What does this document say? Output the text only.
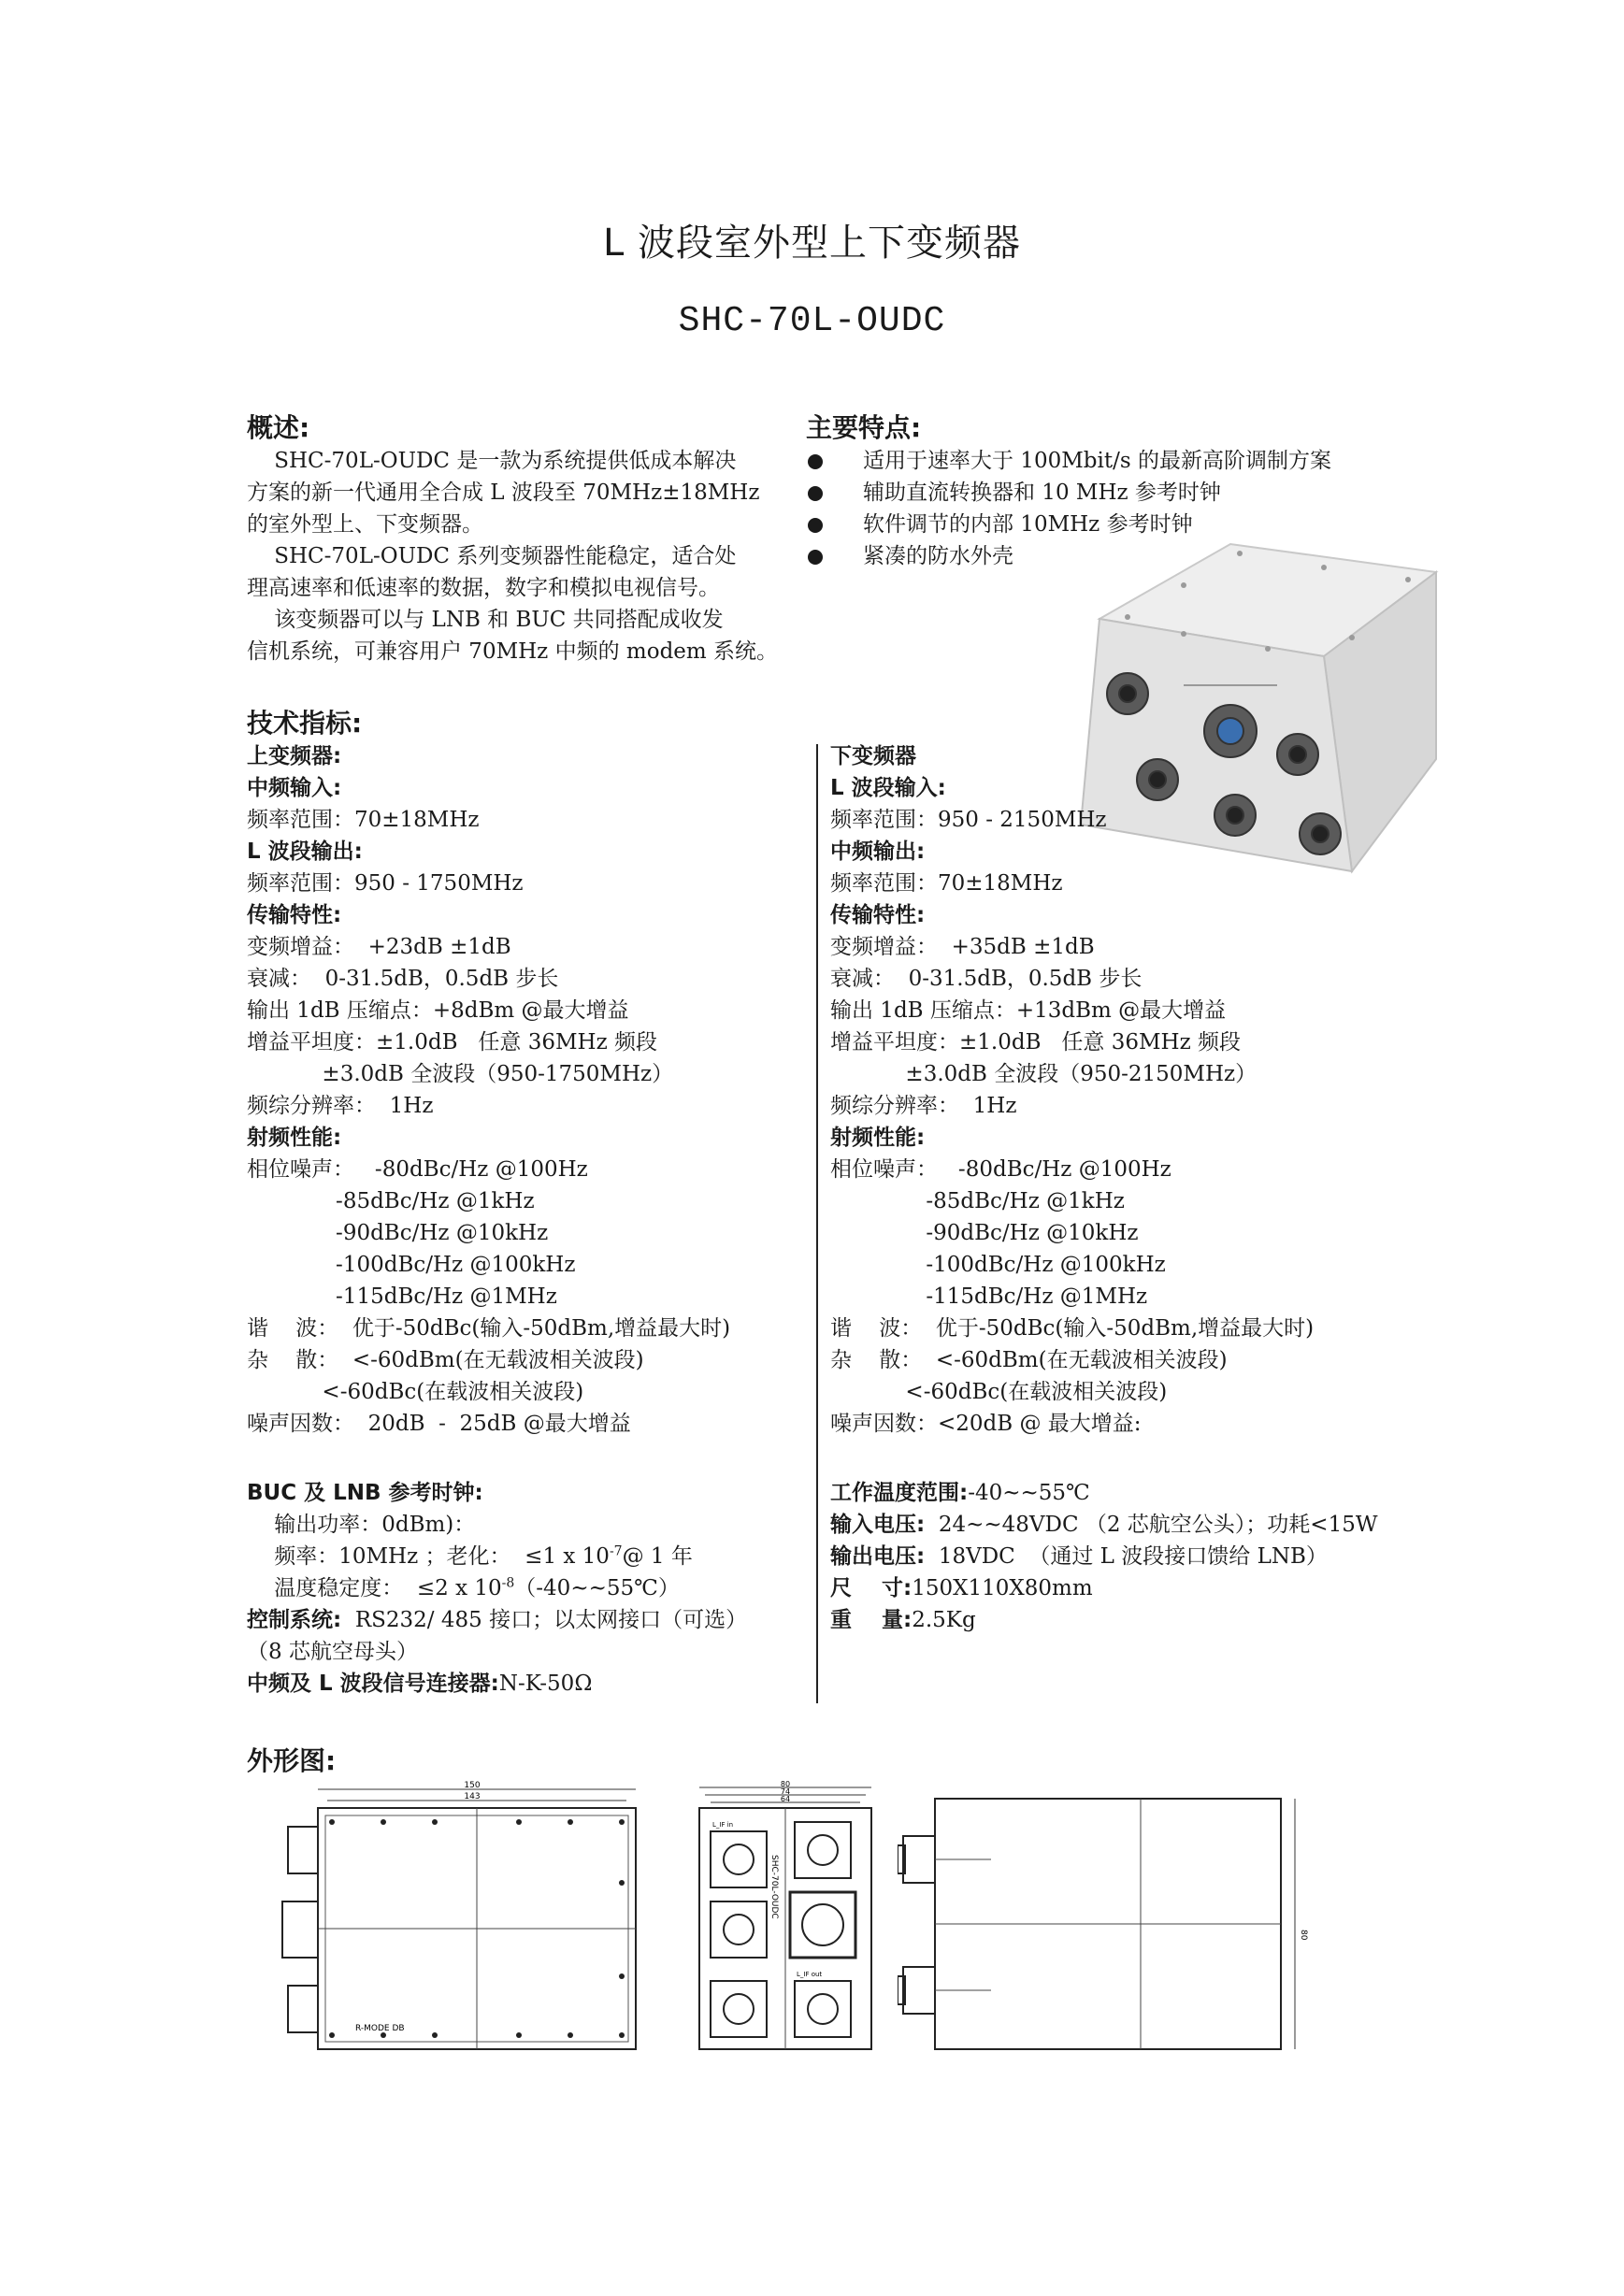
L 波段室外型上下变频器
SHC-70L-OUDC
概述:
SHC-70L-OUDC 是一款为系统提供低成本解决
方案的新一代通用全合成 L 波段至 70MHz±18MHz
的室外型上、下变频器。
SHC-70L-OUDC 系列变频器性能稳定，适合处
理高速率和低速率的数据，数字和模拟电视信号。
该变频器可以与 LNB 和 BUC 共同搭配成收发
信机系统，可兼容用户 70MHz 中频的 modem 系统。
主要特点:
适用于速率大于 100Mbit/s 的最新高阶调制方案
辅助直流转换器和 10 MHz 参考时钟
软件调节的内部 10MHz 参考时钟
紧凑的防水外壳
技术指标:
上变频器:
中频输入:
频率范围：70±18MHz
L 波段输出:
频率范围：950 - 1750MHz
传输特性:
变频增益：  +23dB ±1dB
衰减：  0-31.5dB，0.5dB 步长
输出 1dB 压缩点：+8dBm @最大增益
增益平坦度：±1.0dB   任意 36MHz 频段
±3.0dB 全波段（950-1750MHz）
频综分辨率：  1Hz
射频性能:
相位噪声：   -80dBc/Hz @100Hz
-85dBc/Hz @1kHz
-90dBc/Hz @10kHz
-100dBc/Hz @100kHz
-115dBc/Hz @1MHz
谐    波：  优于-50dBc(输入-50dBm,增益最大时)
杂    散：  <-60dBm(在无载波相关波段)
<-60dBc(在载波相关波段)
噪声因数：  20dB  -  25dB @最大增益
下变频器
L 波段输入:
频率范围：950 - 2150MHz
中频输出:
频率范围：70±18MHz
传输特性:
变频增益：  +35dB ±1dB
衰减：  0-31.5dB，0.5dB 步长
输出 1dB 压缩点：+13dBm @最大增益
增益平坦度：±1.0dB   任意 36MHz 频段
±3.0dB 全波段（950-2150MHz）
频综分辨率：  1Hz
射频性能:
相位噪声：   -80dBc/Hz @100Hz
-85dBc/Hz @1kHz
-90dBc/Hz @10kHz
-100dBc/Hz @100kHz
-115dBc/Hz @1MHz
谐    波：  优于-50dBc(输入-50dBm,增益最大时)
杂    散：  <-60dBm(在无载波相关波段)
<-60dBc(在载波相关波段)
噪声因数：<20dB @ 最大增益:
BUC 及 LNB 参考时钟:
输出功率：0dBm)：
频率：10MHz ；老化：  ≤1 x $10^{-7}@$ 1 年
温度稳定度：  ≤2 x $10^{-8}(-40\sim\sim 55℃)$
控制系统:  RS232/ 485 接口；以太网接口（可选）
（8 芯航空母头）
中频及 L 波段信号连接器:N-K-50Ω
工作温度范围:-40~~55℃
输入电压:  24~~48VDC （2 芯航空公头）；功耗<15W
输出电压:  18VDC  （通过 L 波段接口馈给 LNB）
尺    寸:150X110X80mm
重    量:2.5Kg
外形图:
150
143
R-MODE DB
80
74
64
SHC-70L-OUDC
L_IF in
L_IF out
80
